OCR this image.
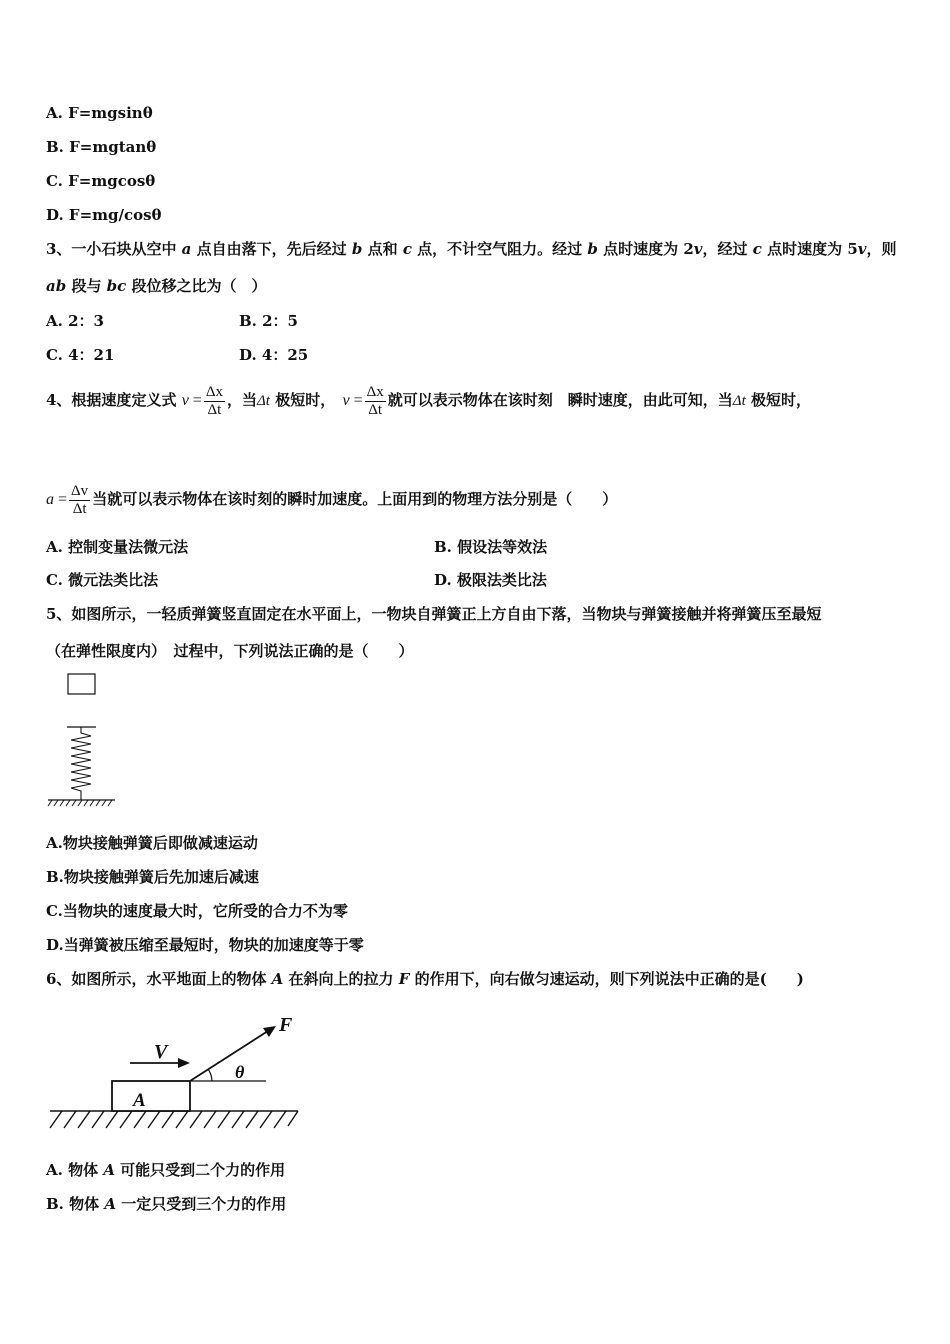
A. F=mgsinθ
B. F=mgtanθ
C. F=mgcosθ
D. F=mg/cosθ
3、一小石块从空中 a 点自由落下，先后经过 b 点和 c 点，不计空气阻力。经过 b 点时速度为 2v，经过 c 点时速度为 5v，则
ab 段与 bc 段位移之比为（　）
A. 2：3	B. 2：5
C. 4：21	D. 4：25
4、根据速度定义式 $v = \frac{\Delta x}{\Delta t}$ ，当Δt 极短时， $v = \frac{\Delta x}{\Delta t}$ 就可以表示物体在该时刻　瞬时速度，由此可知，当Δt 极短时，
$a = \frac{\Delta v}{\Delta t}$ 当就可以表示物体在该时刻的瞬时加速度。上面用到的物理方法分别是（　　）
A. 控制变量法微元法	B. 假设法等效法
C. 微元法类比法	D. 极限法类比法
5、如图所示，一轻质弹簧竖直固定在水平面上，一物块自弹簧正上方自由下落，当物块与弹簧接触并将弹簧压至最短
（在弹性限度内）　过程中，下列说法正确的是（　　）
A.物块接触弹簧后即做减速运动
B.物块接触弹簧后先加速后减速
C.当物块的速度最大时，它所受的合力不为零
D.当弹簧被压缩至最短时，物块的加速度等于零
6、如图所示，水平地面上的物体 A 在斜向上的拉力 F 的作用下，向右做匀速运动，则下列说法中正确的是(　　)
A
V
F
θ
A. 物体 A 可能只受到二个力的作用
B. 物体 A 一定只受到三个力的作用
